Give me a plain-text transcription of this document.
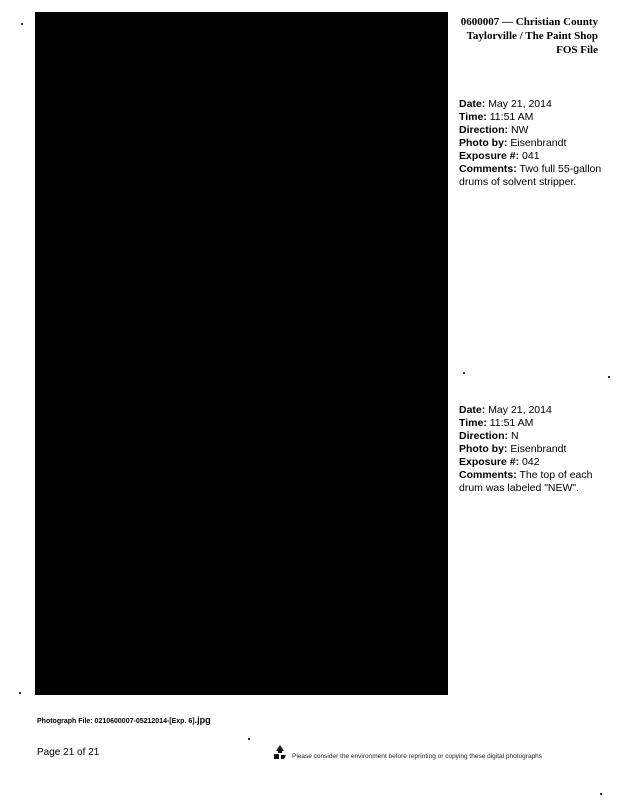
0600007 — Christian County
Taylorville / The Paint Shop
FOS File
Date: May 21, 2014
Time: 11:51 AM
Direction: NW
Photo by: Eisenbrandt
Exposure #: 041
Comments: Two full 55-gallon drums of solvent stripper.
Date: May 21, 2014
Time: 11:51 AM
Direction: N
Photo by: Eisenbrandt
Exposure #: 042
Comments: The top of each drum was labeled "NEW".
Photograph File: 0210600007-05212014-[Exp. 6].jpg
Page 21 of 21	Please consider the environment before reprinting or copying these digital photographs
